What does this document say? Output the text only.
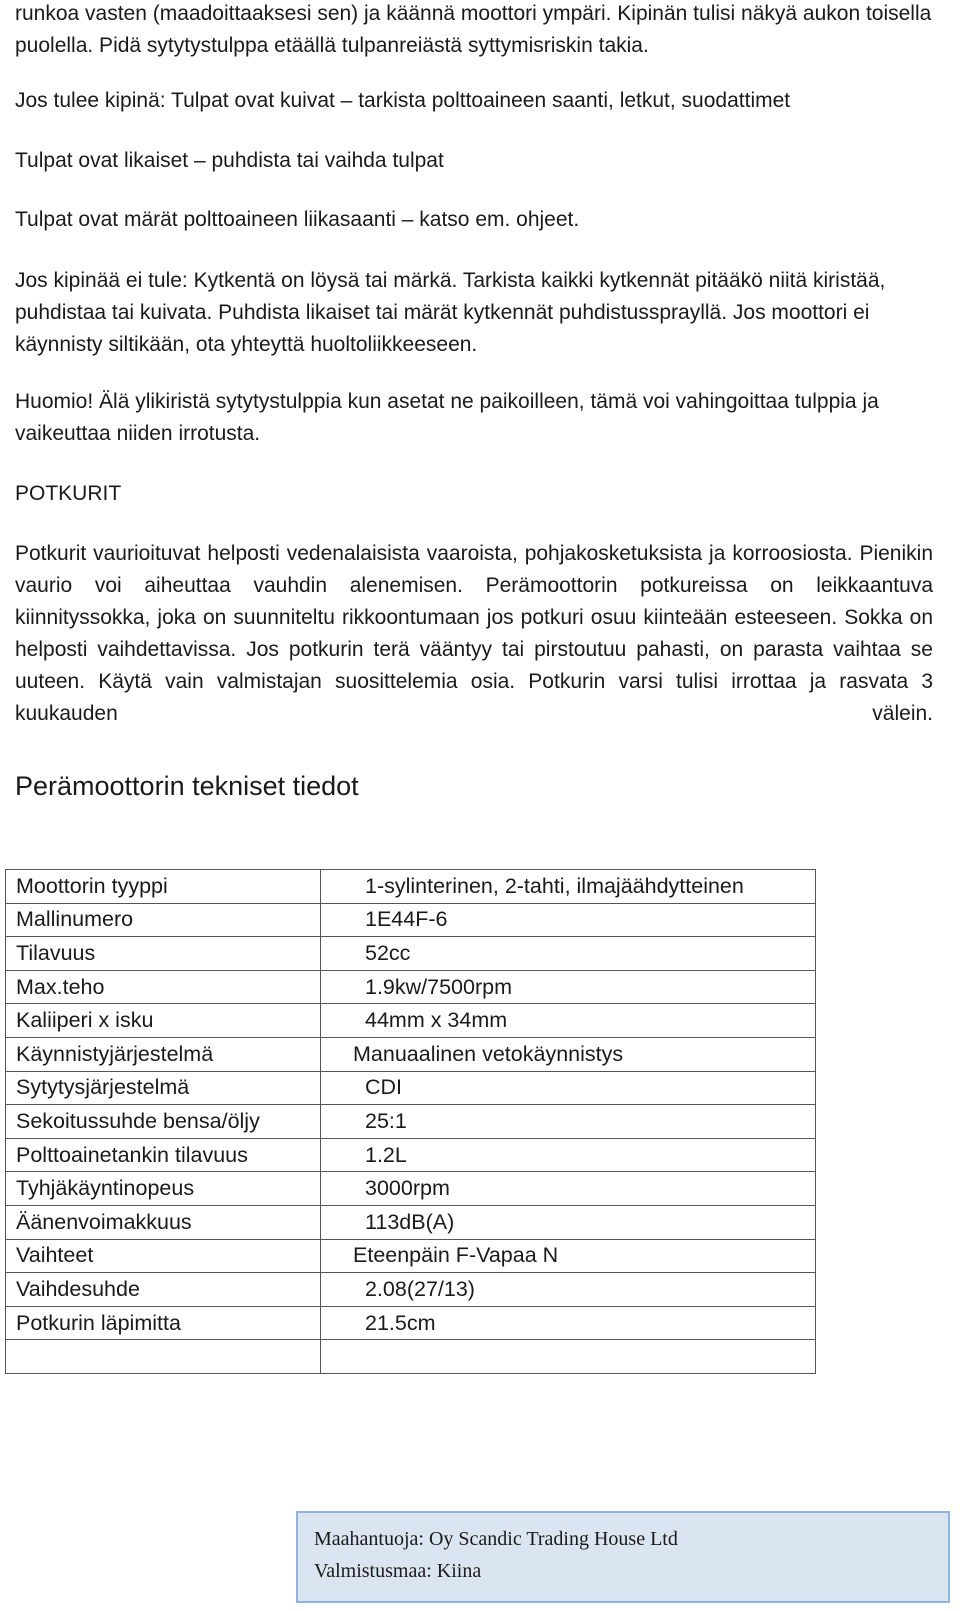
runkoa vasten (maadoittaaksesi sen) ja käännä moottori ympäri. Kipinän tulisi näkyä aukon toisella puolella. Pidä sytytystulppa etäällä tulpanreiästä syttymisriskin takia.

Jos tulee kipinä: Tulpat ovat kuivat – tarkista polttoaineen saanti, letkut, suodattimet

Tulpat ovat likaiset – puhdista tai vaihda tulpat

Tulpat ovat märät polttoaineen liikasaanti – katso em. ohjeet.

Jos kipinää ei tule: Kytkentä on löysä tai märkä. Tarkista kaikki kytkennät pitääkö niitä kiristää, puhdistaa tai kuivata. Puhdista likaiset tai märät kytkennät puhdistussprayllä. Jos moottori ei käynnisty siltikään, ota yhteyttä huoltoliikkeeseen.

Huomio! Älä ylikiristä sytytystulppia kun asetat ne paikoilleen, tämä voi vahingoittaa tulppia ja vaikeuttaa niiden irrotusta.

POTKURIT

Potkurit vaurioituvat helposti vedenalaisista vaaroista, pohjakosketuksista ja korroosiosta. Pienikin vaurio voi aiheuttaa vauhdin alenemisen. Perämoottorin potkureissa on leikkaantuva kiinnityssokka, joka on suunniteltu rikkoontumaan jos potkuri osuu kiinteään esteeseen. Sokka on helposti vaihdettavissa. Jos potkurin terä vääntyy tai pirstoutuu pahasti, on parasta vaihtaa se uuteen. Käytä vain valmistajan suosittelemia osia. Potkurin varsi tulisi irrottaa ja rasvata 3 kuukauden välein.

Perämoottorin tekniset tiedot
Moottorin tyyppi	1-sylinterinen, 2-tahti, ilmajäähdytteinen
Mallinumero	1E44F-6
Tilavuus	52cc
Max.teho	1.9kw/7500rpm
Kaliiperi x isku	44mm x 34mm
Käynnistyjärjestelmä	Manuaalinen vetokäynnistys
Sytytysjärjestelmä	CDI
Sekoitussuhde bensa/öljy	25:1
Polttoainetankin tilavuus	1.2L
Tyhjäkäyntinopeus	3000rpm
Äänenvoimakkuus	113dB(A)
Vaihteet	Eteenpäin F-Vapaa N
Vaihdesuhde	2.08(27/13)
Potkurin läpimitta	21.5cm

Maahantuoja: Oy Scandic Trading House Ltd
Valmistusmaa: Kiina
